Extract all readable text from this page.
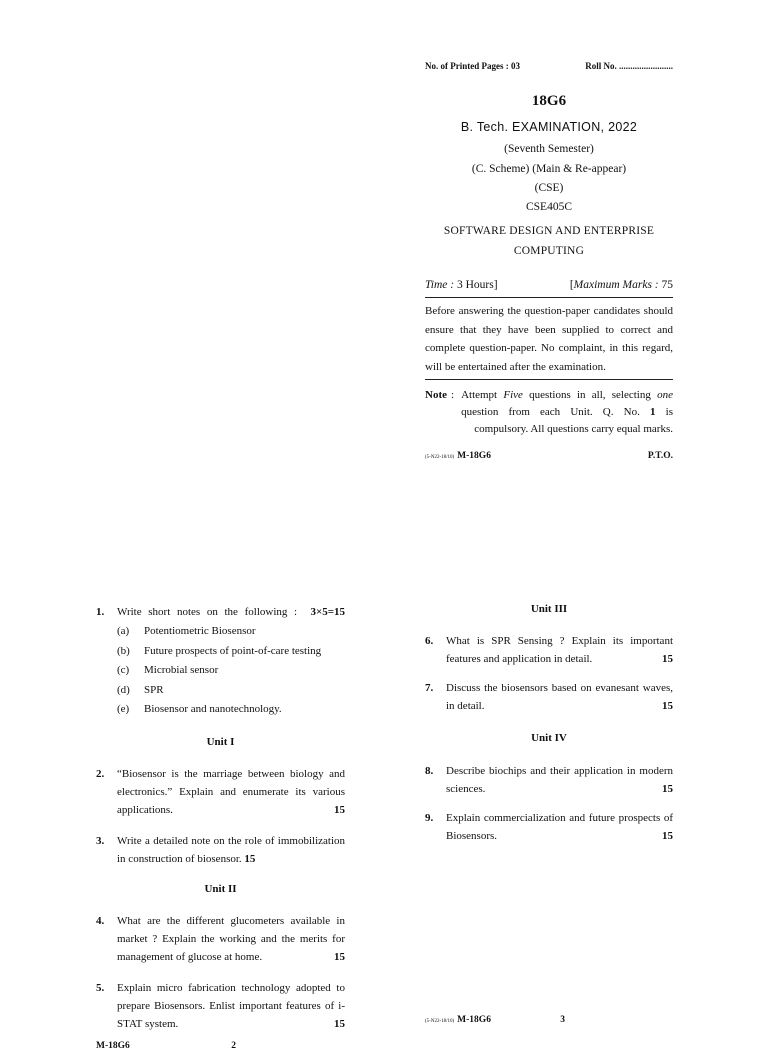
No. of Printed Pages : 03	Roll No. ........................
18G6
B. Tech. EXAMINATION, 2022
(Seventh Semester)
(C. Scheme) (Main & Re-appear)
(CSE)
CSE405C
SOFTWARE DESIGN AND ENTERPRISE
COMPUTING
Time : 3 Hours]	[Maximum Marks : 75
Before answering the question-paper candidates should ensure that they have been supplied to correct and complete question-paper. No complaint, in this regard, will be entertained after the examination.
Note : Attempt Five questions in all, selecting one question from each Unit. Q. No. 1 is compulsory. All questions carry equal marks.
(5-N22-18/10) M-18G6	P.T.O.
1.	Write short notes on the following : 3×5=15
(a)	Potentiometric Biosensor
(b)	Future prospects of point-of-care testing
(c)	Microbial sensor
(d)	SPR
(e)	Biosensor and nanotechnology.
Unit I
2.	“Biosensor is the marriage between biology and electronics.” Explain and enumerate its various applications.	15
3.	Write a detailed note on the role of immobilization in construction of biosensor. 15
Unit II
4.	What are the different glucometers available in market ? Explain the working and the merits for management of glucose at home.	15
5.	Explain micro fabrication technology adopted to prepare Biosensors. Enlist important features of i-STAT system.	15
M-18G6	2
Unit III
6.	What is SPR Sensing ? Explain its important features and application in detail.	15
7.	Discuss the biosensors based on evanesant waves, in detail.	15
Unit IV
8.	Describe biochips and their application in modern sciences.	15
9.	Explain commercialization and future prospects of Biosensors.	15
(5-N22-18/10) M-18G6	3
